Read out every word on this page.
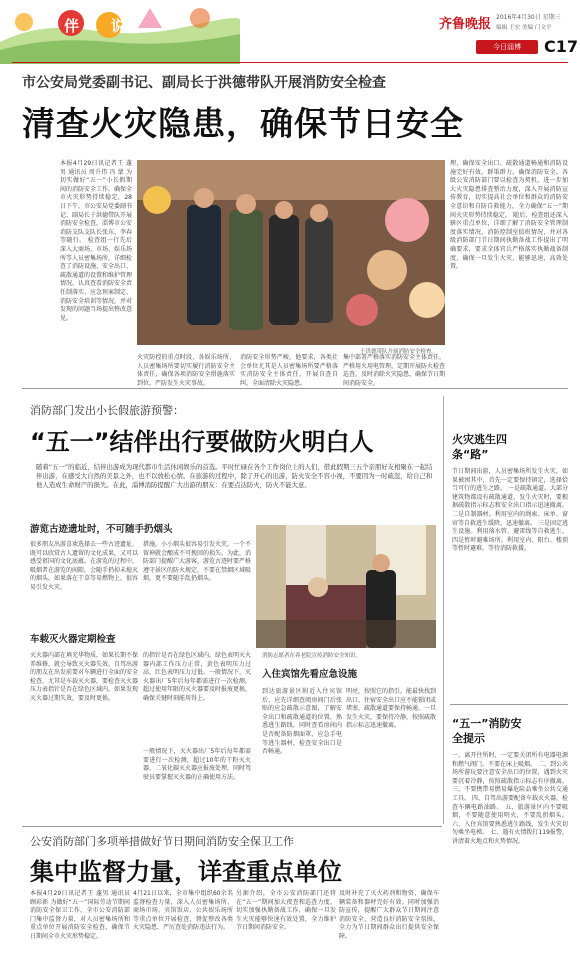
伴 · 说	齐鲁晚报 2016年4月30日 星期三
编辑 王宏 美编 门文平
今日淄博	C17
市公安局党委副书记、副局长于洪德带队开展消防安全检查
清查火灾隐患，确保节日安全
本报4月29日讯记者王 蓬男 通讯员 周升伟 冯 蒙 为切实做好“五一”小长假期间的消防安全工作，确保全市火灾形势持续稳定，28日下午，市公安局党委副书记、副局长于洪德带队开展消防安全检查，淄博市公安消防支队支队长张东、李春等随行。 检查组一行先后深入大商场、市场、娱乐场所等人员密集场所，详细检查了消防设施、安全出口、疏散通道的设置和维护管理情况，认真查看消防安全责任制落实、应急预案制定、消防安全培训等情况，并对发现的问题当场提出整改意见。
于洪德带队开展消防安全检查。
理，确保安全出口、疏散通道畅通和消防设施完好有效，群策群力，确保消防安全。各级公安消防部门要以检查为契机，进一步加大火灾隐患排查整治力度，深入开展消防宣传教育，切实提高社会单位和群众的消防安全意识和自防自救能力，全力确保“五一”期间火灾形势持续稳定。 随后，检查组还深入辖区重点单位，详细了解了消防安全管理制度落实情况、消防控制室值班情况，并对各级消防部门节日期间执勤备战工作提出了明确要求，要求全体官兵严格落实执勤战备制度，确保一旦发生火灾，能够迅速、高效处置。
火灾防控的重点时段，各娱乐场所、人员密集场所要切实履行消防安全主体责任，确保各项消防安全措施落实到位，严防发生火灾事故。
消防安全形势严峻，他要求，各类社会单位尤其是人员密集场所要严格落实消防安全主体责任，开展自查自纠，全面清除火灾隐患。
集中部署严格落实消防安全主体责任，严格用火用电管理，定期开展防火检查巡查，及时消除火灾隐患，确保节日期间消防安全。
消防部门发出小长假旅游预警：
“五一”结伴出行要做防火明白人
随着“五一”的临近，结伴出游成为现代都市生活休闲娱乐的首选。平时忙碌在各个工作岗位上的人们，借此假期三五个亲朋好友相聚在一起结伴出游，在感受大自然的美景之外，也不以放松心情。在旅游的过程中，除了开心的出游，防火安全不容小视，不要因为一时疏忽，给自己和他人造成生命财产的损失。在此，淄博消防提醒广大出游的朋友：在要点达防火，防火不能大意。
游览古迹遗址时，不可随手扔烟头
很多朋友出游喜欢选择去一些古迹遗址，既可以欣赏古人遗留的文化成果，又可以感受祖国的文化底蕴。在游览的过程中，吸烟者在游览的间隙，会随手扔掉未熄灭的烟头，如果落在干草等易燃物上，很容易引发火灾。
措施，小小烟头很容易引发火灾，一个不留神就会酿成不可挽回的损失。为此，消防部门提醒广大游客，游览古迹时要严格遵守景区的防火规定，不要在禁烟区域吸烟，更不要随手乱扔烟头。
车载灭火器定期检查
灭火器内部在填充华物质，如果长期不保养维修，就会导致灭火器失效。自驾出游的朋友在出发前要对车辆进行全面的安全检查，尤其是车载灭火器，要检查灭火器压力表指针是否在绿色区域内，如果发现灭火器过期失效，要及时更换。
的指针是否在绿色区域内，绿色表明灭火器内部工作压力正常，黄色表明压力过高，红色表明压力过低。一般情况下，灭火器出厂5年后每年都需进行一次检测，超过使用年限的灭火器要及时报废更换，确保关键时刻能用得上。
一般情况下，灭火器出厂5年后每年都需要进行一次检测，超过10年的干粉灭火器、二氧化碳灭火器应报废处理，同时驾驶员要掌握灭火器的正确使用方法。
消防志愿者在养老院宣传消防安全知识。
入住宾馆先看应急设施
到达旅游景区附近入住宾馆后，应先详细查阅房间门后张贴的应急疏散示意图，了解安全出口和疏散通道的位置，熟悉逃生路线。同时查看房间内是否配备防烟面罩、应急手电等逃生器材，检查安全出口是否畅通。
明亮，按照它的指引，能最快找到出口。住宿安全出口应不能锁闭或堵塞，疏散通道要保持畅通，一旦发生火灾，要保持冷静，按照疏散指示标志迅速撤离。
火灾逃生四条“路”
节日期间出游，人员密集场所发生火灾，如果被困其中，首先一定要保持镇定，选择恰当可行的逃生之路。 一是疏散通道。大部分建筑物都设有疏散通道，发生火灾时，要根据疏散指示标志和安全出口指示迅速撤离。 二是自制器材。利用室内的绳索、床单、窗帘等自救逃生缓降，迅速撤离。 三是固定逃生设施。利用落水管、避雷线等自救逃生。 四是暂时避难场所。利用室内、阳台、楼顶等暂时避难，等待消防救援。
“五一”消防安全提示
一、离开住所时，一定要关闭所有电器电源和燃气阀门，不要在床上吸烟。 二、到公共场所游玩要注意安全出口的位置，遇到火灾要沉着冷静，按照疏散指示标志有序撤离。 三、不要携带易燃易爆危险品乘坐公共交通工具。 四、自驾出游要配备车载灭火器，检查车辆电路油路。 五、旅游景区内不要吸烟，不要随意使用明火，不要乱扔烟头。 六、入住宾馆要熟悉逃生路线，发生火灾切勿乘坐电梯。 七、遇有火情拨打119报警，讲清着火地点和火势情况。
公安消防部门多项举措做好节日期间消防安全保卫工作
集中监督力量，详查重点单位
本报4月29日讯记者王 蓬男 通讯员 顾彩新 为做好“五一”国际劳动节期间消防安全保卫工作，全市公安消防部门集中监督力量，对人员密集场所和重点单位开展消防安全检查，确保节日期间全市火灾形势稳定。
4月21日以来，全市集中组织60余名监督检查力量，深入人员密集场所、商场市场、宾馆饭店、公共娱乐场所等重点单位开展检查，督促整改各类火灾隐患，严厉查处消防违法行为。
另据介绍，全市公安消防部门还将在“五一”期间加大夜查和巡查力度，切实加强执勤备战工作，确保一旦发生火灾能够快速有效处置，全力维护节日期间消防安全。
及时补充了灭火药剂和物资，确保车辆装备和器材完好有效。同时加强消防宣传，提醒广大群众节日期间注意消防安全，营造良好消防安全氛围，全力为节日期间群众出行提供安全保障。
